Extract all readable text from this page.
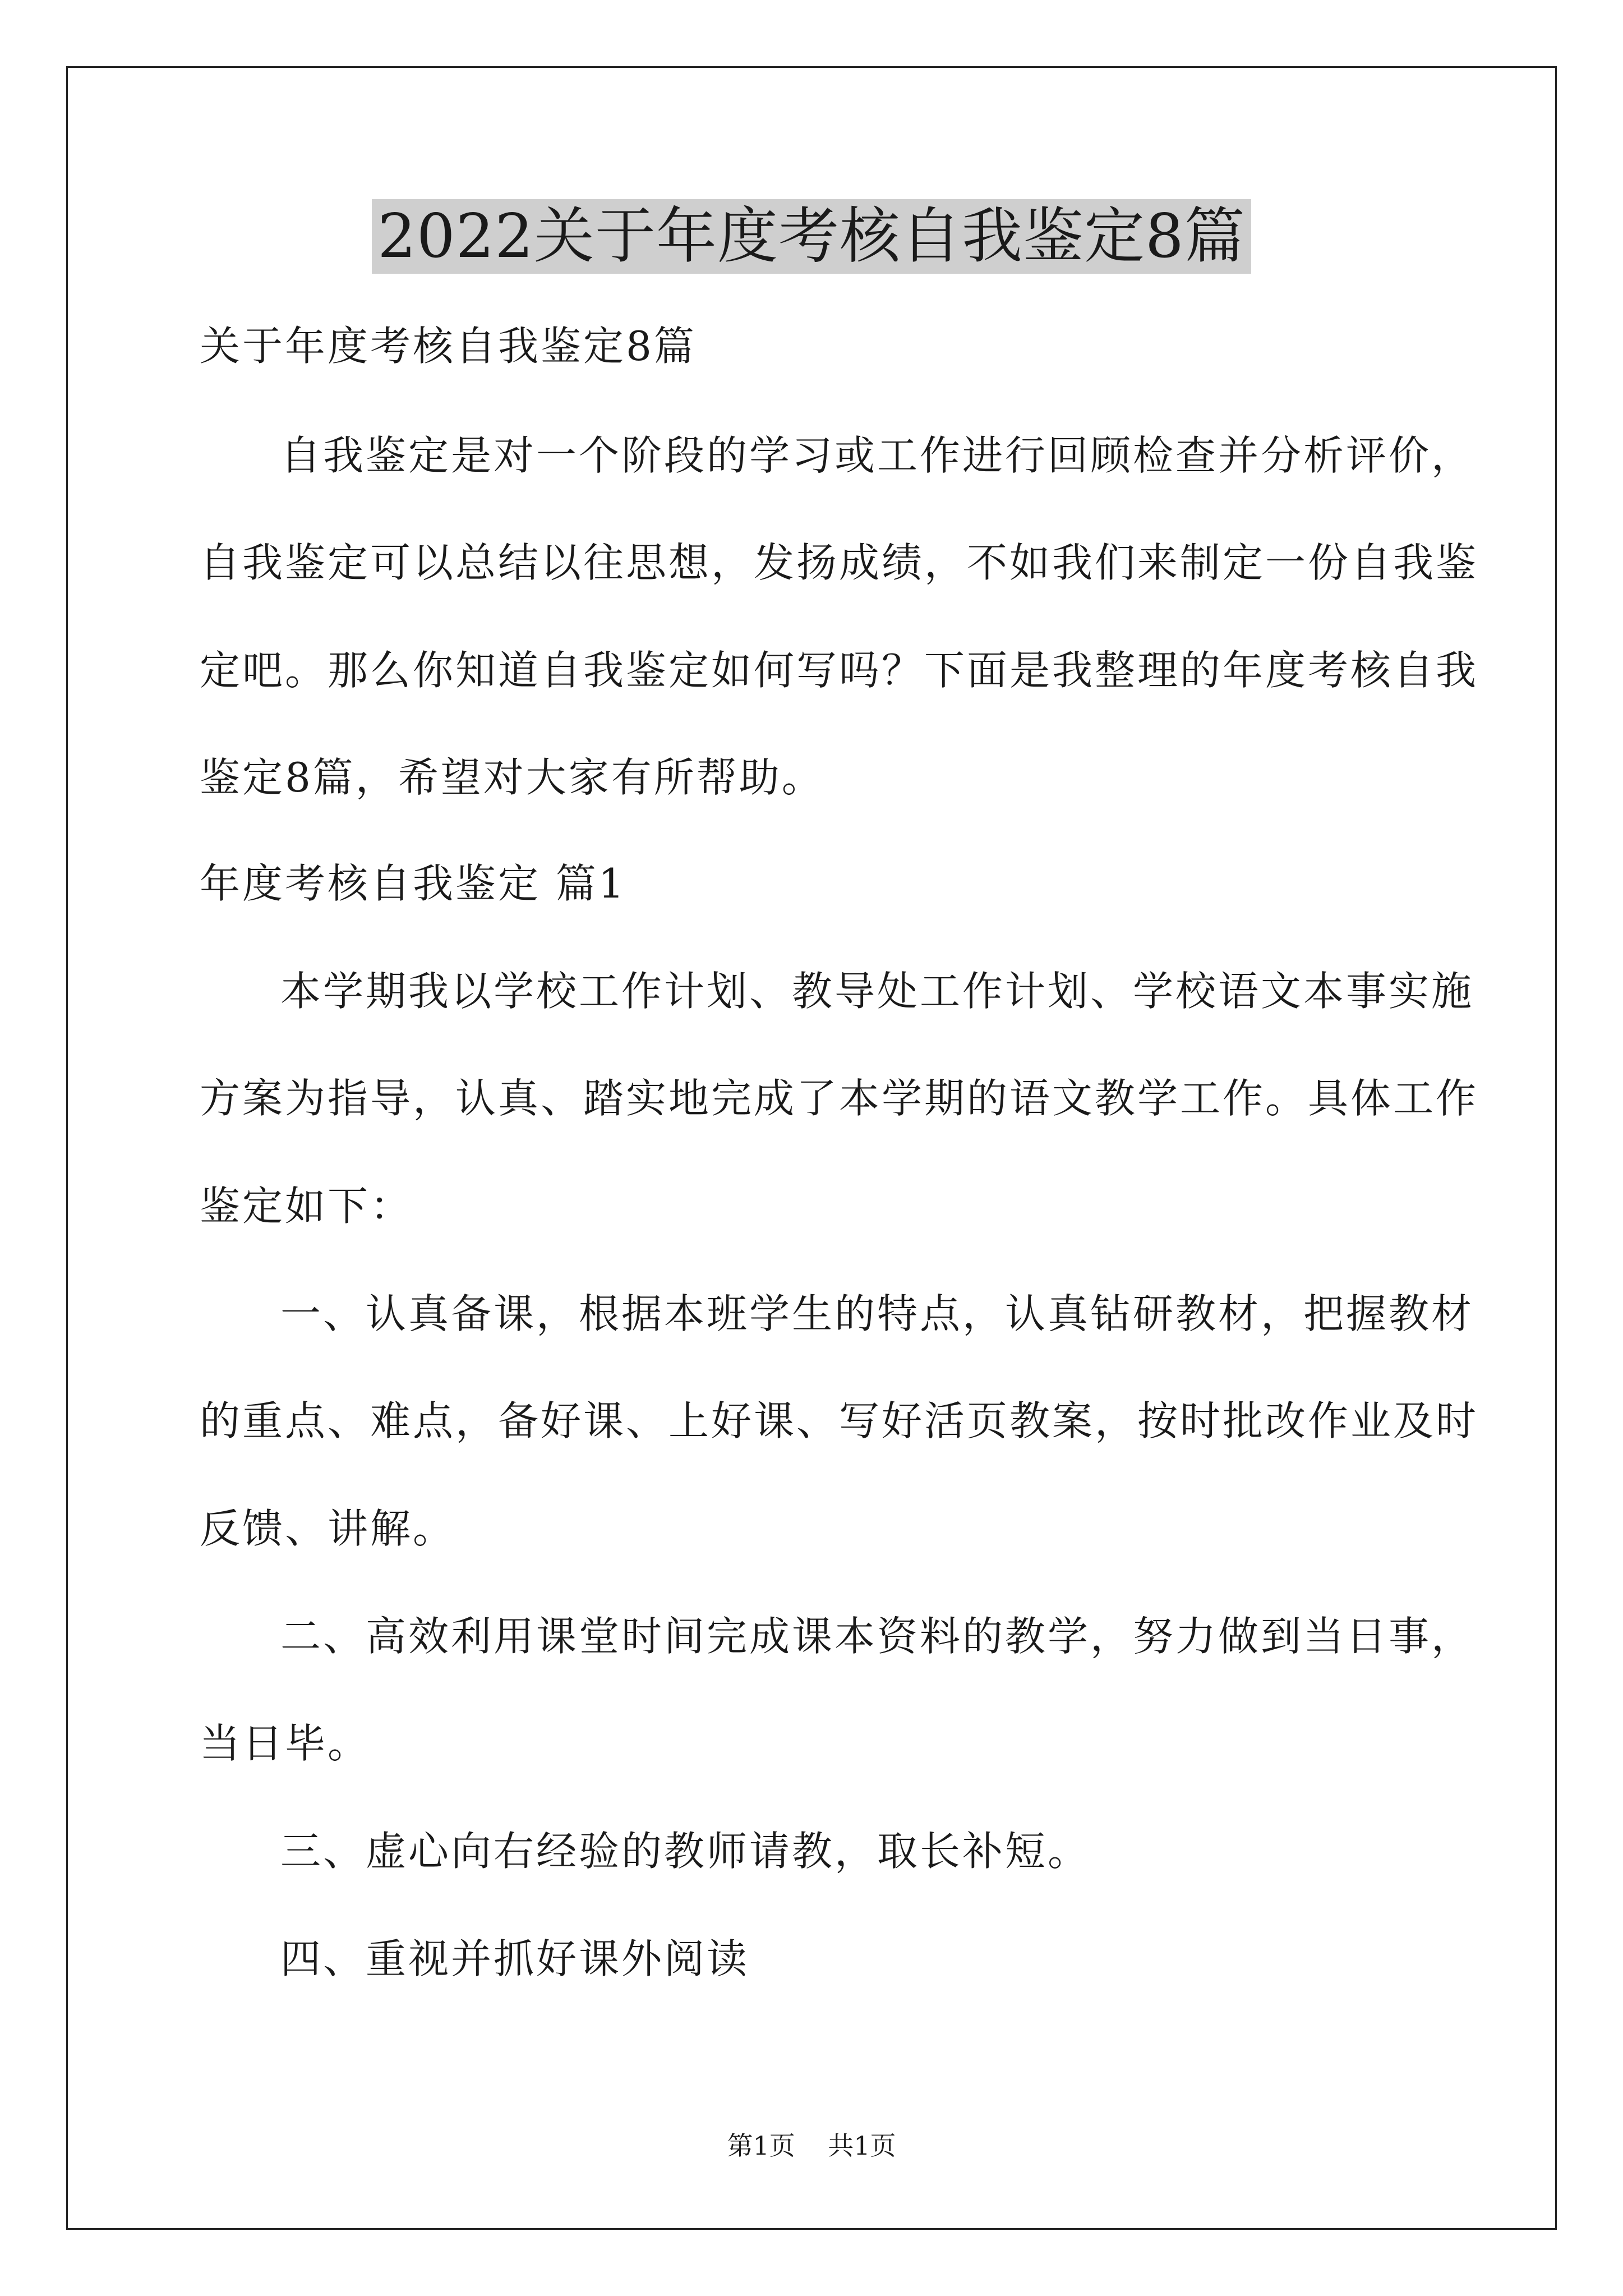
2022关于年度考核自我鉴定8篇
关于年度考核自我鉴定8篇
自我鉴定是对一个阶段的学习或工作进行回顾检查并分析评价，
自我鉴定可以总结以往思想，发扬成绩，不如我们来制定一份自我鉴
定吧。那么你知道自我鉴定如何写吗？下面是我整理的年度考核自我
鉴定8篇，希望对大家有所帮助。
年度考核自我鉴定 篇1
本学期我以学校工作计划、教导处工作计划、学校语文本事实施
方案为指导，认真、踏实地完成了本学期的语文教学工作。具体工作
鉴定如下：
一、认真备课，根据本班学生的特点，认真钻研教材，把握教材
的重点、难点，备好课、上好课、写好活页教案，按时批改作业及时
反馈、讲解。
二、高效利用课堂时间完成课本资料的教学，努力做到当日事，
当日毕。
三、虚心向右经验的教师请教，取长补短。
四、重视并抓好课外阅读
第1页    共1页
